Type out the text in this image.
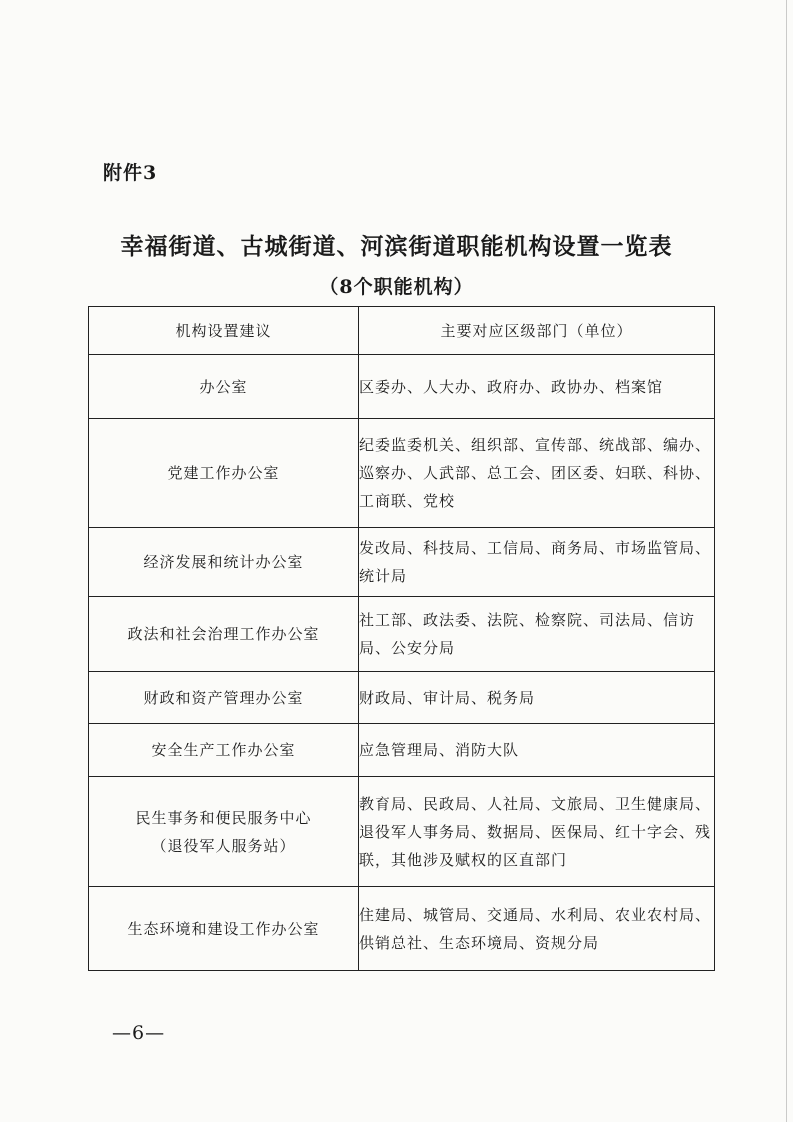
附件3
幸福街道、古城街道、河滨街道职能机构设置一览表
（8个职能机构）
机构设置建议	主要对应区级部门（单位）

办公室	区委办、人大办、政府办、政协办、档案馆

党建工作办公室	纪委监委机关、组织部、宣传部、统战部、编办、巡察办、人武部、总工会、团区委、妇联、科协、工商联、党校

经济发展和统计办公室	发改局、科技局、工信局、商务局、市场监管局、统计局

政法和社会治理工作办公室	社工部、政法委、法院、检察院、司法局、信访局、公安分局

财政和资产管理办公室	财政局、审计局、税务局

安全生产工作办公室	应急管理局、消防大队

民生事务和便民服务中心
（退役军人服务站）	教育局、民政局、人社局、文旅局、卫生健康局、退役军人事务局、数据局、医保局、红十字会、残联，其他涉及赋权的区直部门

生态环境和建设工作办公室	住建局、城管局、交通局、水利局、农业农村局、供销总社、生态环境局、资规分局
—6—
